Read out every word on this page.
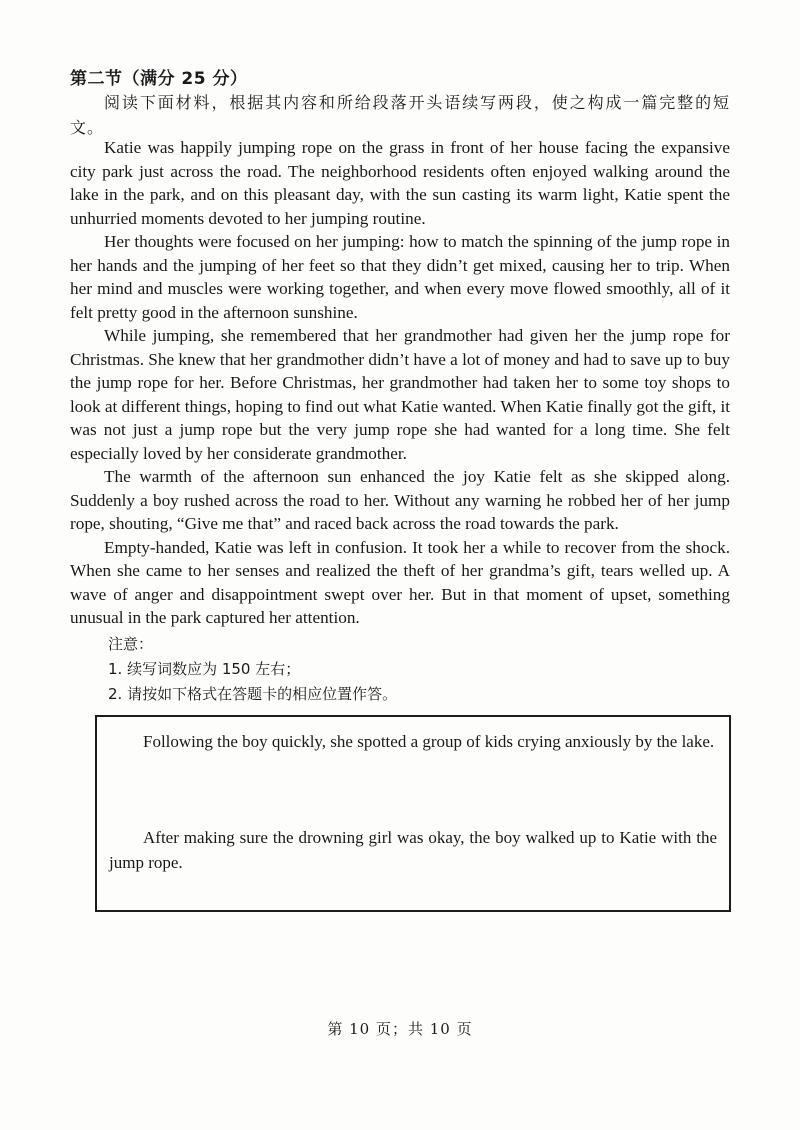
第二节（满分 25 分）
阅读下面材料，根据其内容和所给段落开头语续写两段，使之构成一篇完整的短文。

Katie was happily jumping rope on the grass in front of her house facing the expansive city park just across the road. The neighborhood residents often enjoyed walking around the lake in the park, and on this pleasant day, with the sun casting its warm light, Katie spent the unhurried moments devoted to her jumping routine.

Her thoughts were focused on her jumping: how to match the spinning of the jump rope in her hands and the jumping of her feet so that they didn’t get mixed, causing her to trip. When her mind and muscles were working together, and when every move flowed smoothly, all of it felt pretty good in the afternoon sunshine.

While jumping, she remembered that her grandmother had given her the jump rope for Christmas. She knew that her grandmother didn’t have a lot of money and had to save up to buy the jump rope for her. Before Christmas, her grandmother had taken her to some toy shops to look at different things, hoping to find out what Katie wanted. When Katie finally got the gift, it was not just a jump rope but the very jump rope she had wanted for a long time. She felt especially loved by her considerate grandmother.

The warmth of the afternoon sun enhanced the joy Katie felt as she skipped along. Suddenly a boy rushed across the road to her. Without any warning he robbed her of her jump rope, shouting, “Give me that” and raced back across the road towards the park.

Empty-handed, Katie was left in confusion. It took her a while to recover from the shock. When she came to her senses and realized the theft of her grandma’s gift, tears welled up. A wave of anger and disappointment swept over her. But in that moment of upset, something unusual in the park captured her attention.

注意：
1. 续写词数应为 150 左右；
2. 请按如下格式在答题卡的相应位置作答。

Following the boy quickly, she spotted a group of kids crying anxiously by the lake.

After making sure the drowning girl was okay, the boy walked up to Katie with the jump rope.

第 10 页；共 10 页
